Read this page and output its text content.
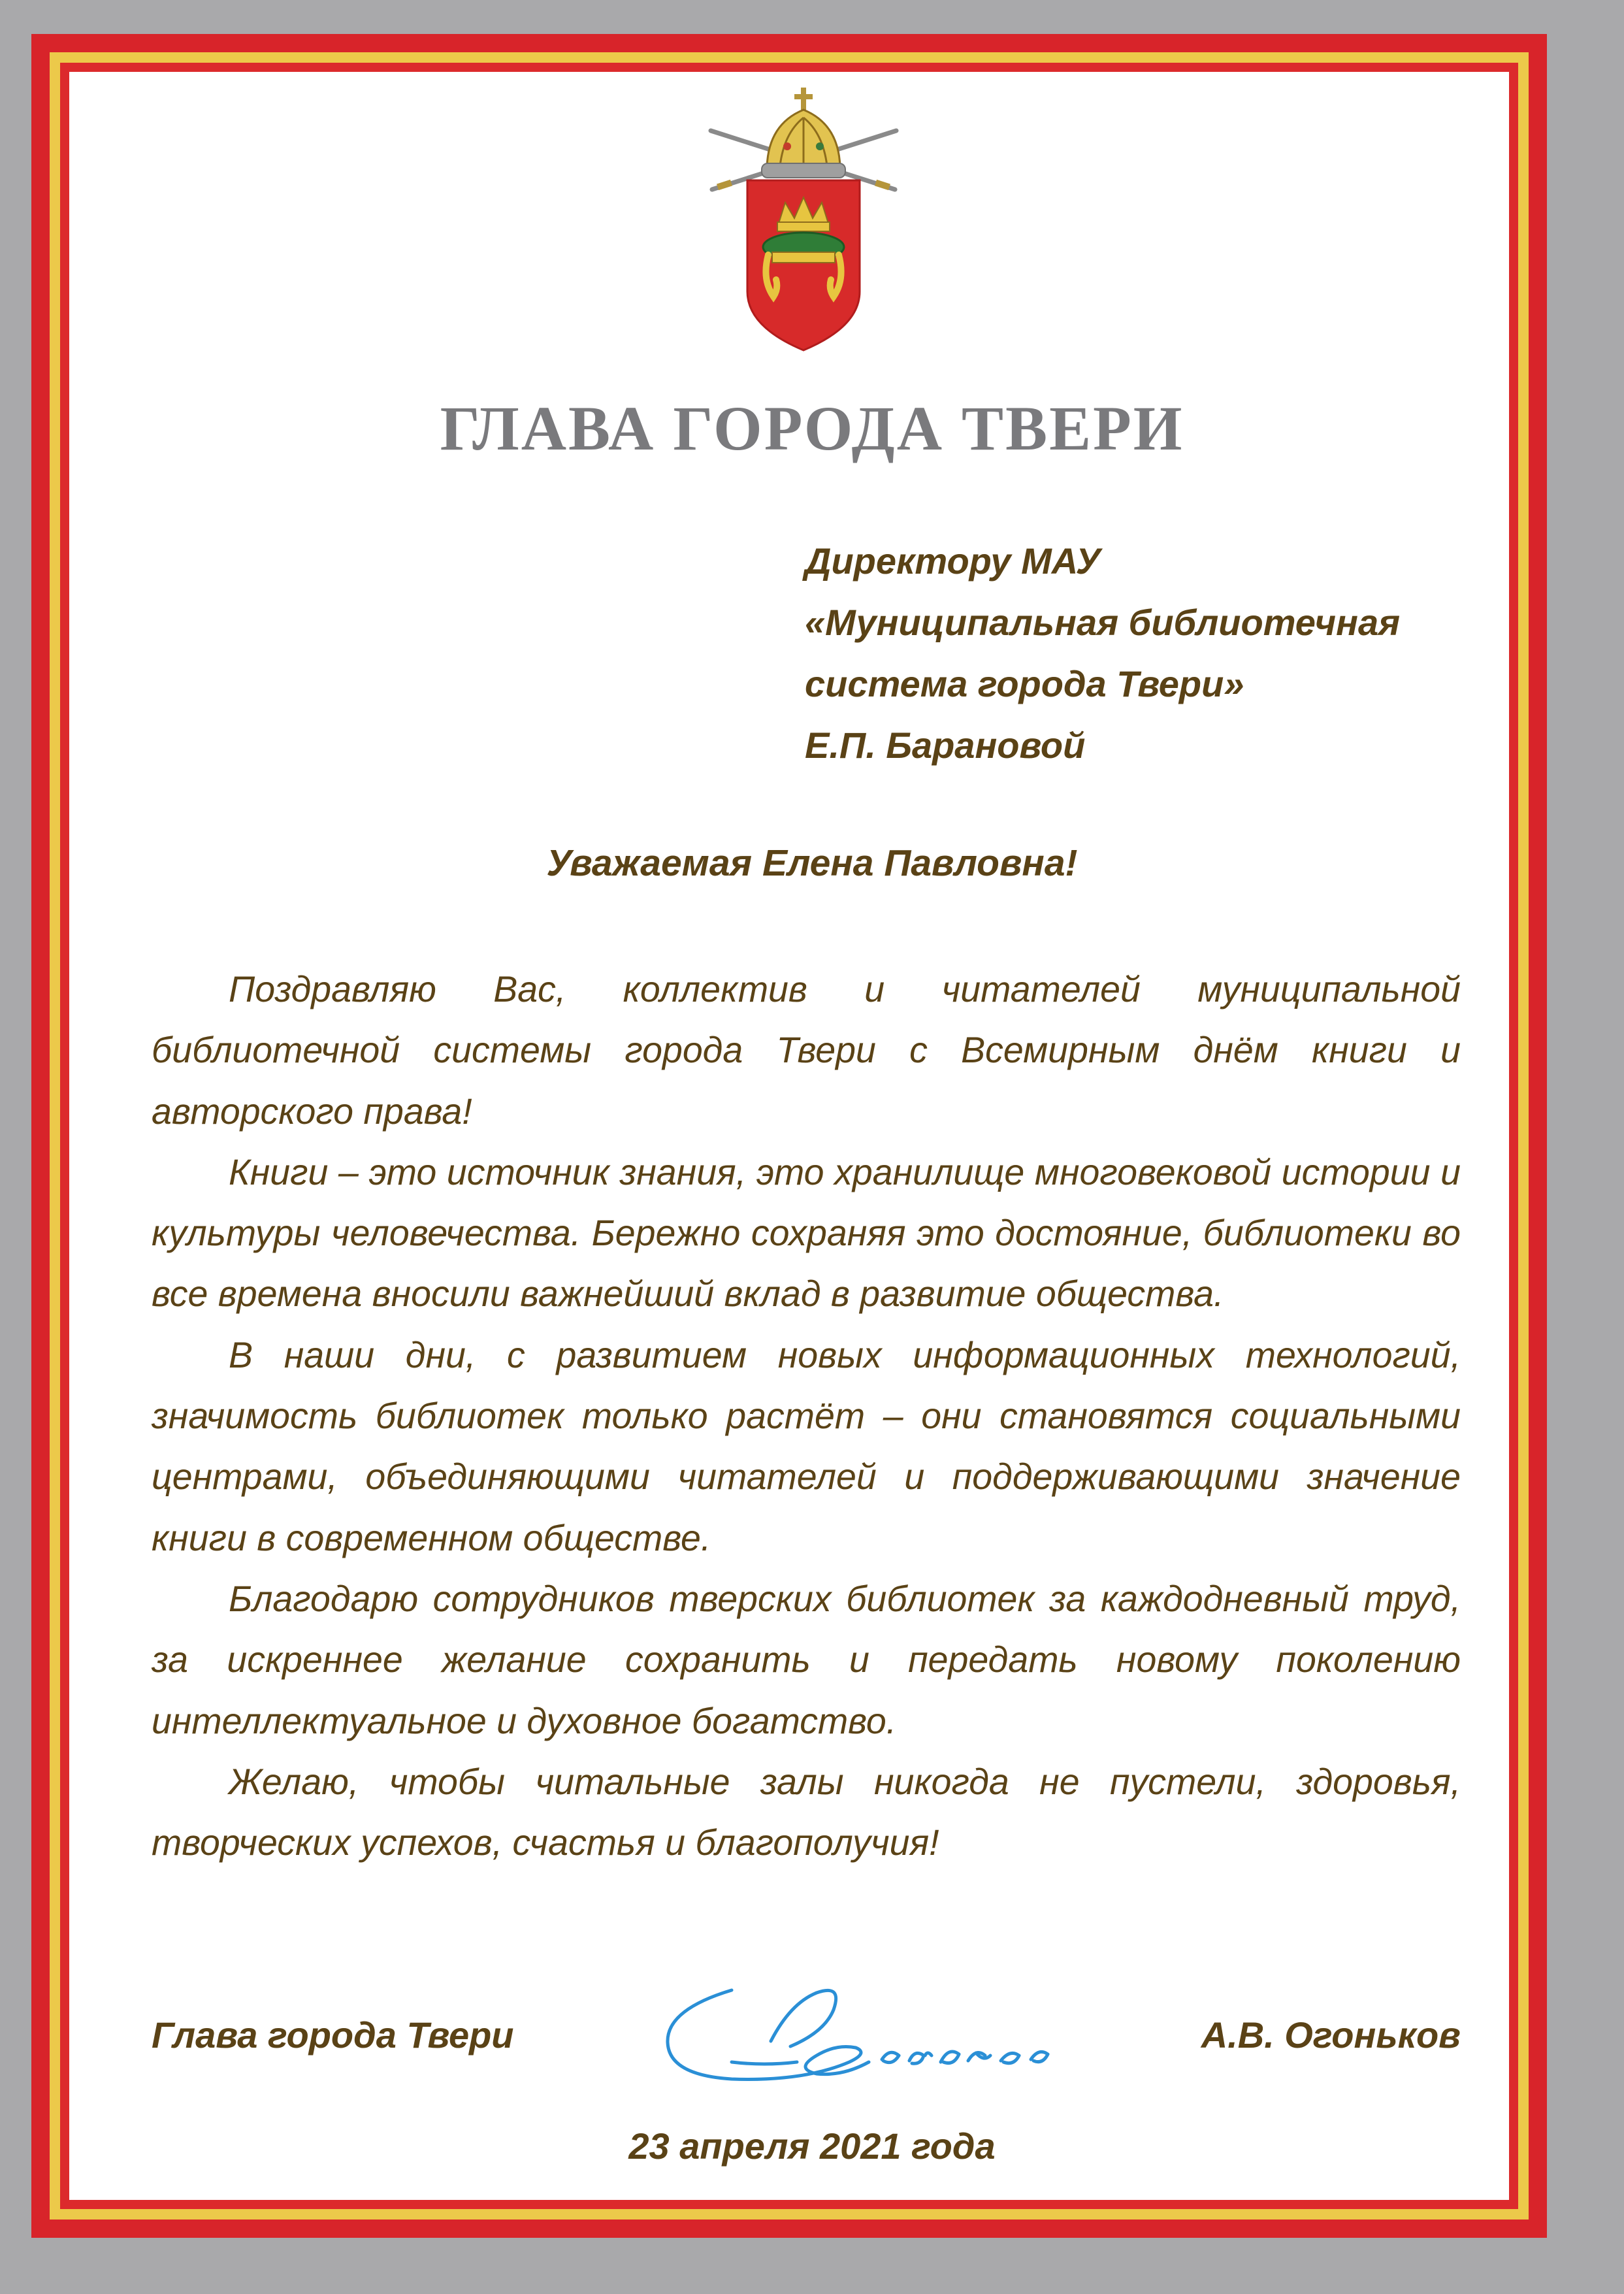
ГЛАВА ГОРОДА ТВЕРИ
Директору МАУ
«Муниципальная библиотечная
система города Твери»
Е.П. Барановой
Уважаемая Елена Павловна!

Поздравляю Вас, коллектив и читателей муниципальной библиотечной системы города Твери с Всемирным днём книги и авторского права!

Книги – это источник знания, это хранилище многовековой истории и культуры человечества. Бережно сохраняя это достояние, библиотеки во все времена вносили важнейший вклад в развитие общества.

В наши дни, с развитием новых информационных технологий, значимость библиотек только растёт – они становятся социальными центрами, объединяющими читателей и поддерживающими значение книги в современном обществе.

Благодарю сотрудников тверских библиотек за каждодневный труд, за искреннее желание сохранить и передать новому поколению интеллектуальное и духовное богатство.

Желаю, чтобы читальные залы никогда не пустели, здоровья, творческих успехов, счастья и благополучия!

Глава города Твери	А.В. Огоньков
23 апреля 2021 года
